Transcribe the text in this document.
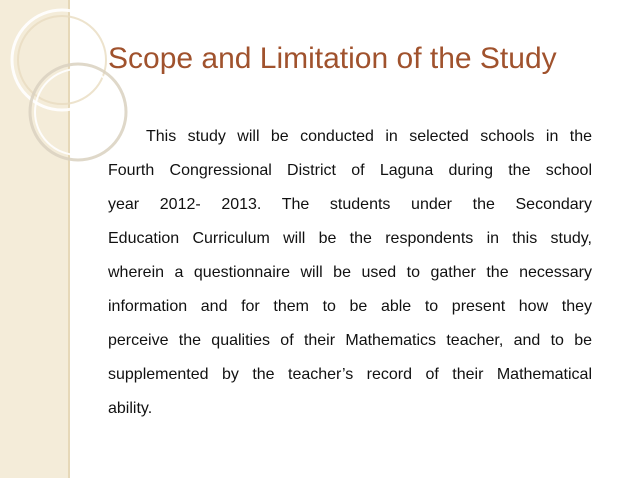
Scope and Limitation of the Study
This study will be conducted in selected schools in the
Fourth Congressional District of Laguna during the school
year 2012- 2013. The students under the Secondary
Education Curriculum will be the respondents in this study,
wherein a questionnaire will be used to gather the necessary
information and for them to be able to present how they
perceive the qualities of their Mathematics teacher, and to be
supplemented by the teacher’s record of their Mathematical
ability.
